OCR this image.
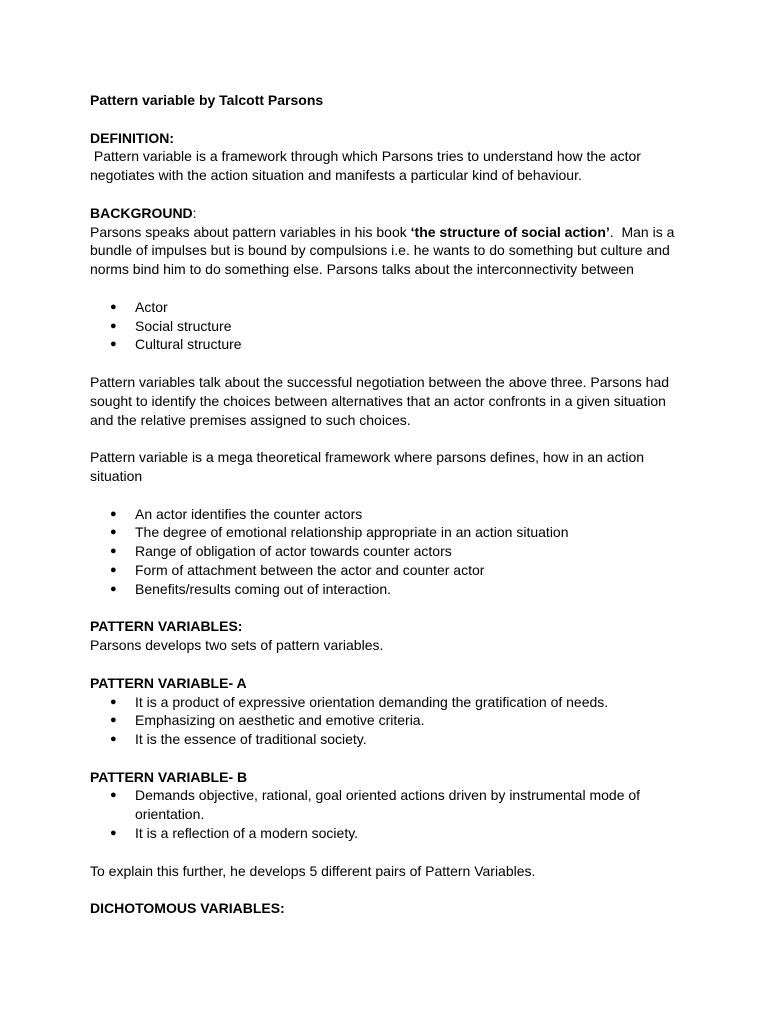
Pattern variable by Talcott Parsons

DEFINITION:

Pattern variable is a framework through which Parsons tries to understand how the actor negotiates with the action situation and manifests a particular kind of behaviour.

BACKGROUND:

Parsons speaks about pattern variables in his book ‘the structure of social action’.  Man is a bundle of impulses but is bound by compulsions i.e. he wants to do something but culture and norms bind him to do something else. Parsons talks about the interconnectivity between

● Actor
● Social structure
● Cultural structure

Pattern variables talk about the successful negotiation between the above three. Parsons had sought to identify the choices between alternatives that an actor confronts in a given situation and the relative premises assigned to such choices.

Pattern variable is a mega theoretical framework where parsons defines, how in an action situation

● An actor identifies the counter actors
● The degree of emotional relationship appropriate in an action situation
● Range of obligation of actor towards counter actors
● Form of attachment between the actor and counter actor
● Benefits/results coming out of interaction.

PATTERN VARIABLES:

Parsons develops two sets of pattern variables.

PATTERN VARIABLE- A

● It is a product of expressive orientation demanding the gratification of needs.
● Emphasizing on aesthetic and emotive criteria.
● It is the essence of traditional society.

PATTERN VARIABLE- B

● Demands objective, rational, goal oriented actions driven by instrumental mode of orientation.
● It is a reflection of a modern society.

To explain this further, he develops 5 different pairs of Pattern Variables.

DICHOTOMOUS VARIABLES:
